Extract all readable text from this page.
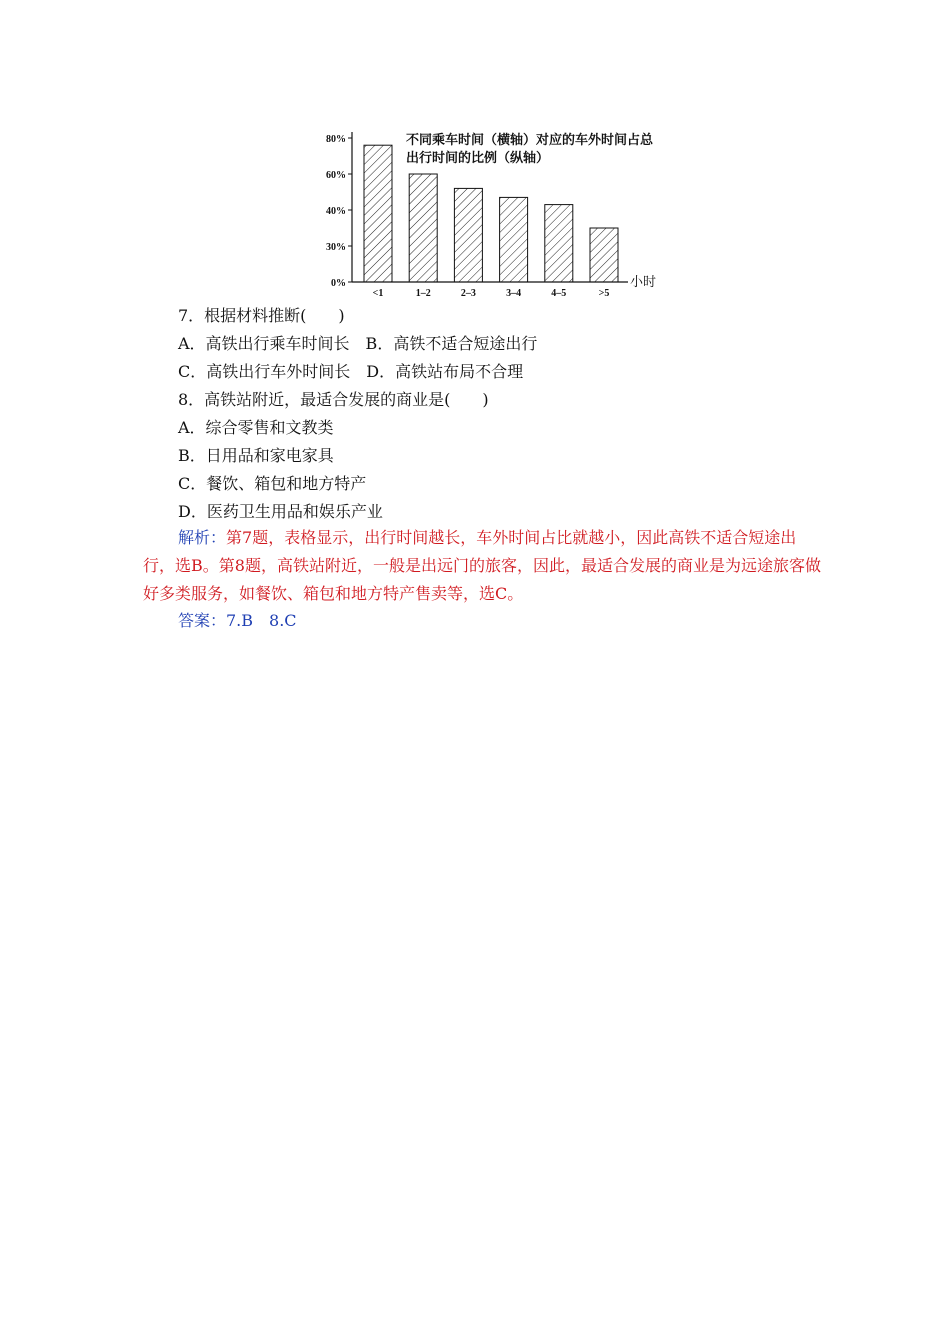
0%
30%
40%
60%
80%
<1	1–2	2–3	3–4	4–5	>5
不同乘车时间（横轴）对应的车外时间占总
出行时间的比例（纵轴）
小时
7．根据材料推断(　　)
A．高铁出行乘车时间长　B．高铁不适合短途出行
C．高铁出行车外时间长　D．高铁站布局不合理
8．高铁站附近，最适合发展的商业是(　　)
A．综合零售和文教类
B．日用品和家电家具
C．餐饮、箱包和地方特产
D．医药卫生用品和娱乐产业
解析：第7题，表格显示，出行时间越长，车外时间占比就越小，因此高铁不适合短途出行，选B。第8题，高铁站附近，一般是出远门的旅客，因此，最适合发展的商业是为远途旅客做好多类服务，如餐饮、箱包和地方特产售卖等，选C。
答案：7.B　8.C
